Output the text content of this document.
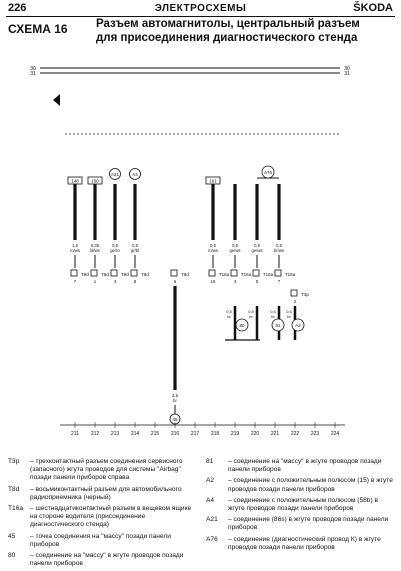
226	ЭЛЕКТРОСХЕМЫ	ŠKODA
СХЕМА 16 Разъем автомагнитолы, центральный разъем для присоединения диагностического стенда
30	30
31	31
1,5
ro/ws
T8d
7
0,35
bl/ws
T8d
1
0,5
ge/ro
T8d
4
0,5
gr/bl
T8d
8
148	150
A21	A4
T8d
6
2,5
br
45
0,5
ro/ws
T16a
16
0,5
ge/ws
T16a
4
0,5
ge/ws
T16a
5
0,5
br/ws
T16a
7
161
A76
0,5
br
0,5
br
0,5
br
T3p
2
0,5
br
80	81	A2
211 212 213 214 215 216 217 218 219 220 221 222 223 224
T3p	– трехконтактный разъем соединения сервисного (запасного) жгута проводов для системы "Airbag" позади панели приборов справа
T8d	– восьмиконтактный разъем для автомобильного радиоприемника (черный)
T16a	– шестнадцатиконтактный разъем в вещевом ящике на стороне водителя (присоединение диагностического стенда)
45	– точка соединения на "массу" позади панели приборов
80	– соединение на "массу" в жгуте проводов позади панели приборов
81	– соединение на "массу" в жгуте проводов позади панели приборов
A2	– соединение с положительным полюсом (15) в жгуте проводов позади панели приборов
A4	– соединение с положительным полюсом (58b) в жгуте проводов позади панели приборов
A21	– соединение (86s) в жгуте проводов позади панели приборов
A76	– соединение (диагностический провод К) в жгуте проводов позади панели приборов
